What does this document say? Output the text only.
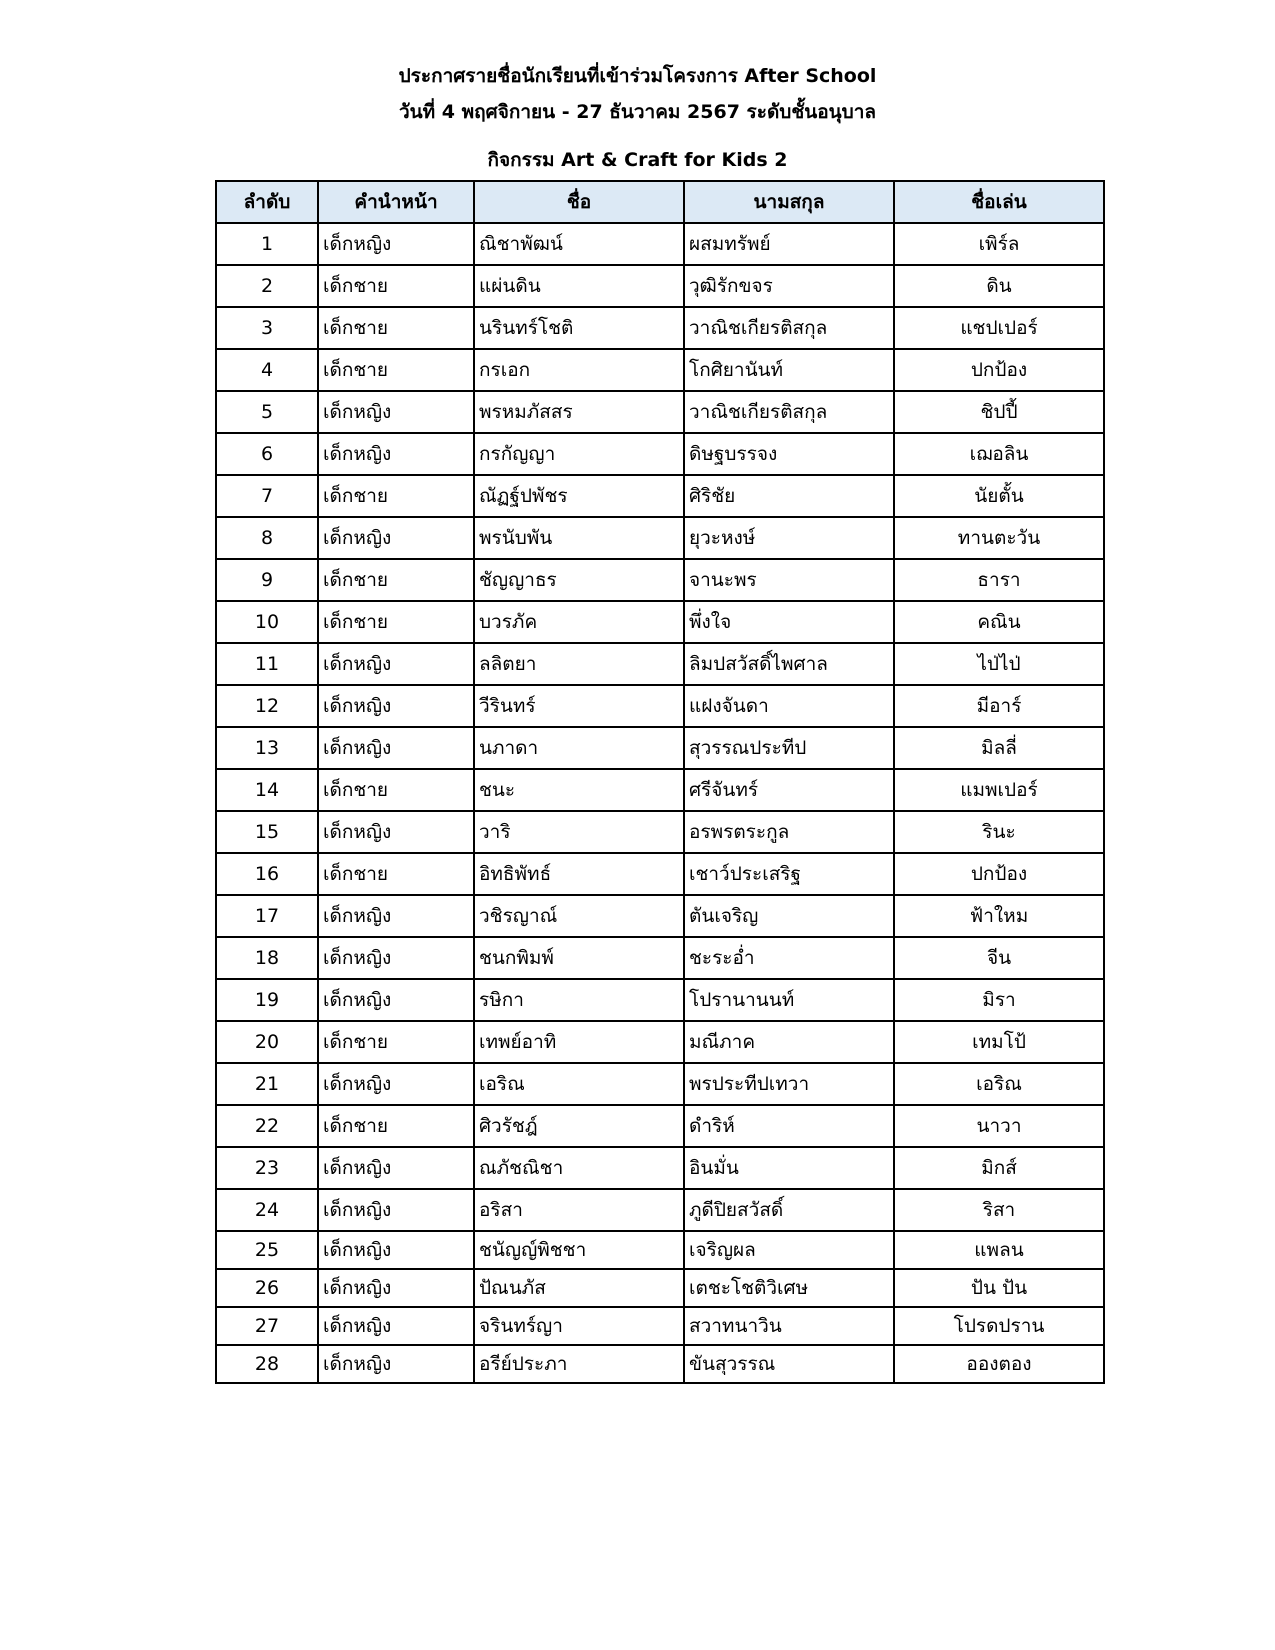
ประกาศรายชื่อนักเรียนที่เข้าร่วมโครงการ After School
วันที่ 4 พฤศจิกายน - 27 ธันวาคม 2567 ระดับชั้นอนุบาล
กิจกรรม Art & Craft for Kids 2
ลำดับ	คำนำหน้า	ชื่อ	นามสกุล	ชื่อเล่น
1	เด็กหญิง	ณิชาพัฒน์	ผสมทรัพย์	เพิร์ล
2	เด็กชาย	แผ่นดิน	วุฒิรักขจร	ดิน
3	เด็กชาย	นรินทร์โชติ	วาณิชเกียรติสกุล	แชปเปอร์
4	เด็กชาย	กรเอก	โกศิยานันท์	ปกป้อง
5	เด็กหญิง	พรหมภัสสร	วาณิชเกียรติสกุล	ชิปปี้
6	เด็กหญิง	กรกัญญา	ดิษฐบรรจง	เฌอลิน
7	เด็กชาย	ณัฏฐ์ปพัชร	ศิริชัย	นัยตั้น
8	เด็กหญิง	พรนับพัน	ยุวะหงษ์	ทานตะวัน
9	เด็กชาย	ชัญญาธร	จานะพร	ธารา
10	เด็กชาย	บวรภัค	พึ่งใจ	คณิน
11	เด็กหญิง	ลลิตยา	ลิมปสวัสดิ์ไพศาล	ไป่ไป่
12	เด็กหญิง	วีรินทร์	แฝงจันดา	มีอาร์
13	เด็กหญิง	นภาดา	สุวรรณประทีป	มิลลี่
14	เด็กชาย	ชนะ	ศรีจันทร์	แมพเปอร์
15	เด็กหญิง	วาริ	อรพรตระกูล	รินะ
16	เด็กชาย	อิทธิพัทธ์	เชาว์ประเสริฐ	ปกป้อง
17	เด็กหญิง	วชิรญาณ์	ตันเจริญ	ฟ้าใหม
18	เด็กหญิง	ชนกพิมพ์	ชะระอ่ำ	จีน
19	เด็กหญิง	รษิกา	โปรานานนท์	มิรา
20	เด็กชาย	เทพย์อาทิ	มณีภาค	เทมโป้
21	เด็กหญิง	เอริณ	พรประทีปเทวา	เอริณ
22	เด็กชาย	ศิวรัชฎ์	ดำริห์	นาวา
23	เด็กหญิง	ณภัชณิชา	อินมั่น	มิกส์
24	เด็กหญิง	อริสา	ภูดีปิยสวัสดิ์	ริสา
25	เด็กหญิง	ชนัญญ์พิชชา	เจริญผล	แพลน
26	เด็กหญิง	ปัณนภัส	เตชะโชติวิเศษ	ปัน ปัน
27	เด็กหญิง	จรินทร์ญา	สวาทนาวิน	โปรดปราน
28	เด็กหญิง	อรีย์ประภา	ขันสุวรรณ	อองตอง
